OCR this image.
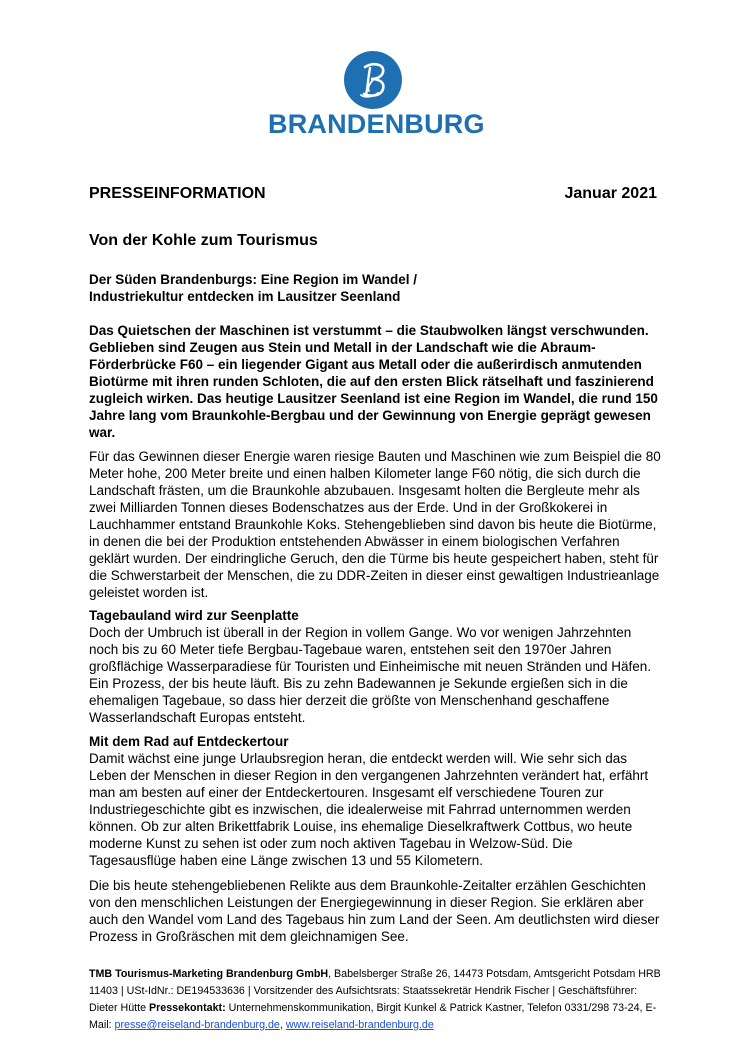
BRANDENBURG
PRESSEINFORMATION	Januar 2021
Von der Kohle zum Tourismus
Der Süden Brandenburgs: Eine Region im Wandel /
Industriekultur entdecken im Lausitzer Seenland

Das Quietschen der Maschinen ist verstummt – die Staubwolken längst verschwunden. Geblieben sind Zeugen aus Stein und Metall in der Landschaft wie die Abraum-Förderbrücke F60 – ein liegender Gigant aus Metall oder die außerirdisch anmutenden Biotürme mit ihren runden Schloten, die auf den ersten Blick rätselhaft und faszinierend zugleich wirken. Das heutige Lausitzer Seenland ist eine Region im Wandel, die rund 150 Jahre lang vom Braunkohle-Bergbau und der Gewinnung von Energie geprägt gewesen war.

Für das Gewinnen dieser Energie waren riesige Bauten und Maschinen wie zum Beispiel die 80 Meter hohe, 200 Meter breite und einen halben Kilometer lange F60 nötig, die sich durch die Landschaft frästen, um die Braunkohle abzubauen. Insgesamt holten die Bergleute mehr als zwei Milliarden Tonnen dieses Bodenschatzes aus der Erde. Und in der Großkokerei in Lauchhammer entstand Braunkohle Koks. Stehengeblieben sind davon bis heute die Biotürme, in denen die bei der Produktion entstehenden Abwässer in einem biologischen Verfahren geklärt wurden. Der eindringliche Geruch, den die Türme bis heute gespeichert haben, steht für die Schwerstarbeit der Menschen, die zu DDR-Zeiten in dieser einst gewaltigen Industrieanlage geleistet worden ist.

Tagebauland wird zur Seenplatte
Doch der Umbruch ist überall in der Region in vollem Gange. Wo vor wenigen Jahrzehnten noch bis zu 60 Meter tiefe Bergbau-Tagebaue waren, entstehen seit den 1970er Jahren großflächige Wasserparadiese für Touristen und Einheimische mit neuen Stränden und Häfen. Ein Prozess, der bis heute läuft. Bis zu zehn Badewannen je Sekunde ergießen sich in die ehemaligen Tagebaue, so dass hier derzeit die größte von Menschenhand geschaffene Wasserlandschaft Europas entsteht.
Mit dem Rad auf Entdeckertour
Damit wächst eine junge Urlaubsregion heran, die entdeckt werden will. Wie sehr sich das Leben der Menschen in dieser Region in den vergangenen Jahrzehnten verändert hat, erfährt man am besten auf einer der Entdeckertouren. Insgesamt elf verschiedene Touren zur Industriegeschichte gibt es inzwischen, die idealerweise mit Fahrrad unternommen werden können. Ob zur alten Brikettfabrik Louise, ins ehemalige Dieselkraftwerk Cottbus, wo heute moderne Kunst zu sehen ist oder zum noch aktiven Tagebau in Welzow-Süd. Die Tagesausflüge haben eine Länge zwischen 13 und 55 Kilometern.

Die bis heute stehengebliebenen Relikte aus dem Braunkohle-Zeitalter erzählen Geschichten von den menschlichen Leistungen der Energiegewinnung in dieser Region. Sie erklären aber auch den Wandel vom Land des Tagebaus hin zum Land der Seen. Am deutlichsten wird dieser Prozess in Großräschen mit dem gleichnamigen See.

TMB Tourismus-Marketing Brandenburg GmbH, Babelsberger Straße 26, 14473 Potsdam, Amtsgericht Potsdam HRB 11403 | USt-IdNr.: DE194533636 | Vorsitzender des Aufsichtsrats: Staatssekretär Hendrik Fischer | Geschäftsführer: Dieter Hütte Pressekontakt: Unternehmenskommunikation, Birgit Kunkel & Patrick Kastner, Telefon 0331/298 73-24, E-Mail: presse@reiseland-brandenburg.de, www.reiseland-brandenburg.de
